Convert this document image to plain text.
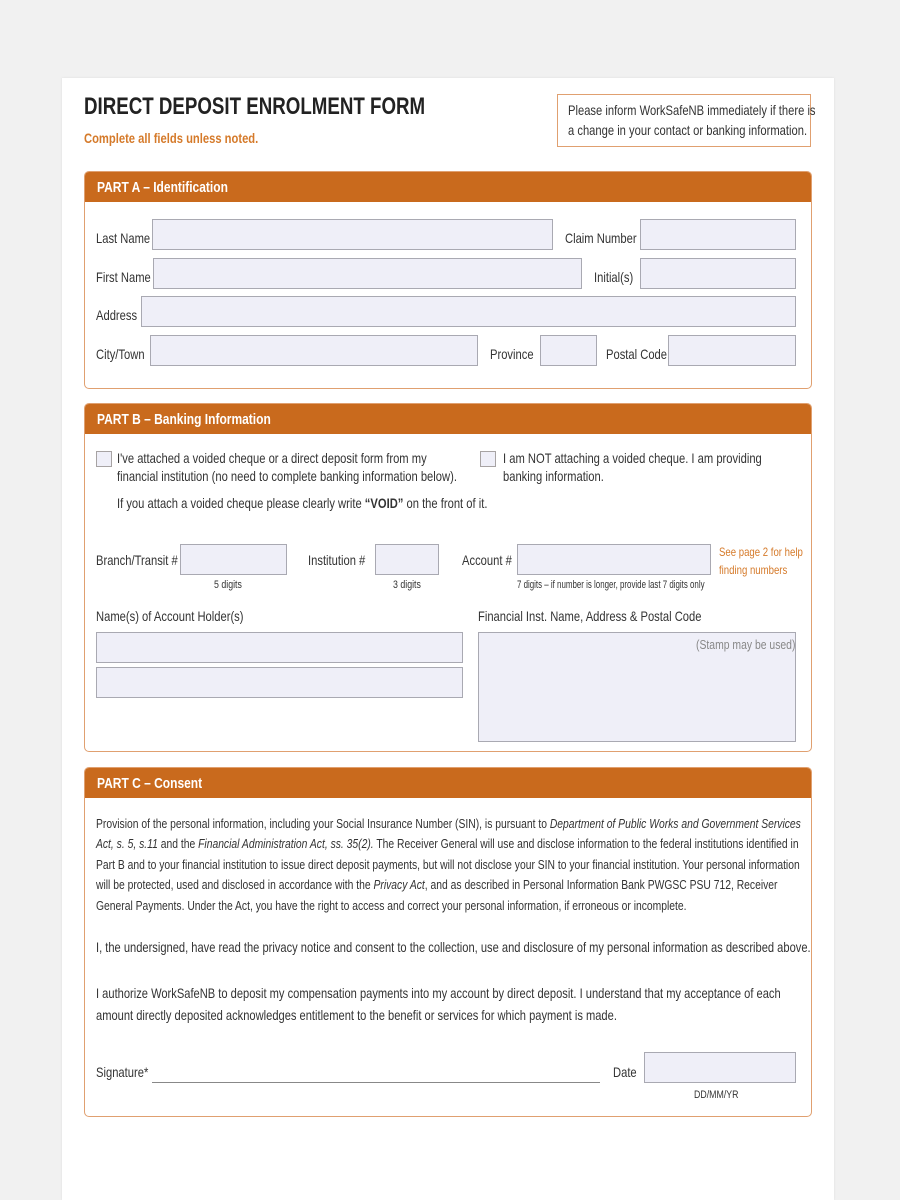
DIRECT DEPOSIT ENROLMENT FORM
Complete all fields unless noted.
Please inform WorkSafeNB immediately if there is
a change in your contact or banking information.
PART A – Identification
Last Name	Claim Number
First Name	Initial(s)
Address
City/Town	Province	Postal Code
PART B – Banking Information
I've attached a voided cheque or a direct deposit form from my
financial institution (no need to complete banking information below).
If you attach a voided cheque please clearly write “VOID” on the front of it.
I am NOT attaching a voided cheque. I am providing
banking information.
Branch/Transit #
5 digits
Institution #
3 digits
Account #
7 digits – if number is longer, provide last 7 digits only
See page 2 for help
finding numbers
Name(s) of Account Holder(s)	Financial Inst. Name, Address & Postal Code
(Stamp may be used)
PART C – Consent
Provision of the personal information, including your Social Insurance Number (SIN), is pursuant to Department of Public Works and Government Services Act, s. 5, s.11 and the Financial Administration Act, ss. 35(2). The Receiver General will use and disclose information to the federal institutions identified in Part B and to your financial institution to issue direct deposit payments, but will not disclose your SIN to your financial institution. Your personal information will be protected, used and disclosed in accordance with the Privacy Act, and as described in Personal Information Bank PWGSC PSU 712, Receiver General Payments. Under the Act, you have the right to access and correct your personal information, if erroneous or incomplete.
I, the undersigned, have read the privacy notice and consent to the collection, use and disclosure of my personal information as described above.
I authorize WorkSafeNB to deposit my compensation payments into my account by direct deposit. I understand that my acceptance of each amount directly deposited acknowledges entitlement to the benefit or services for which payment is made.
Signature*	Date
DD/MM/YR
